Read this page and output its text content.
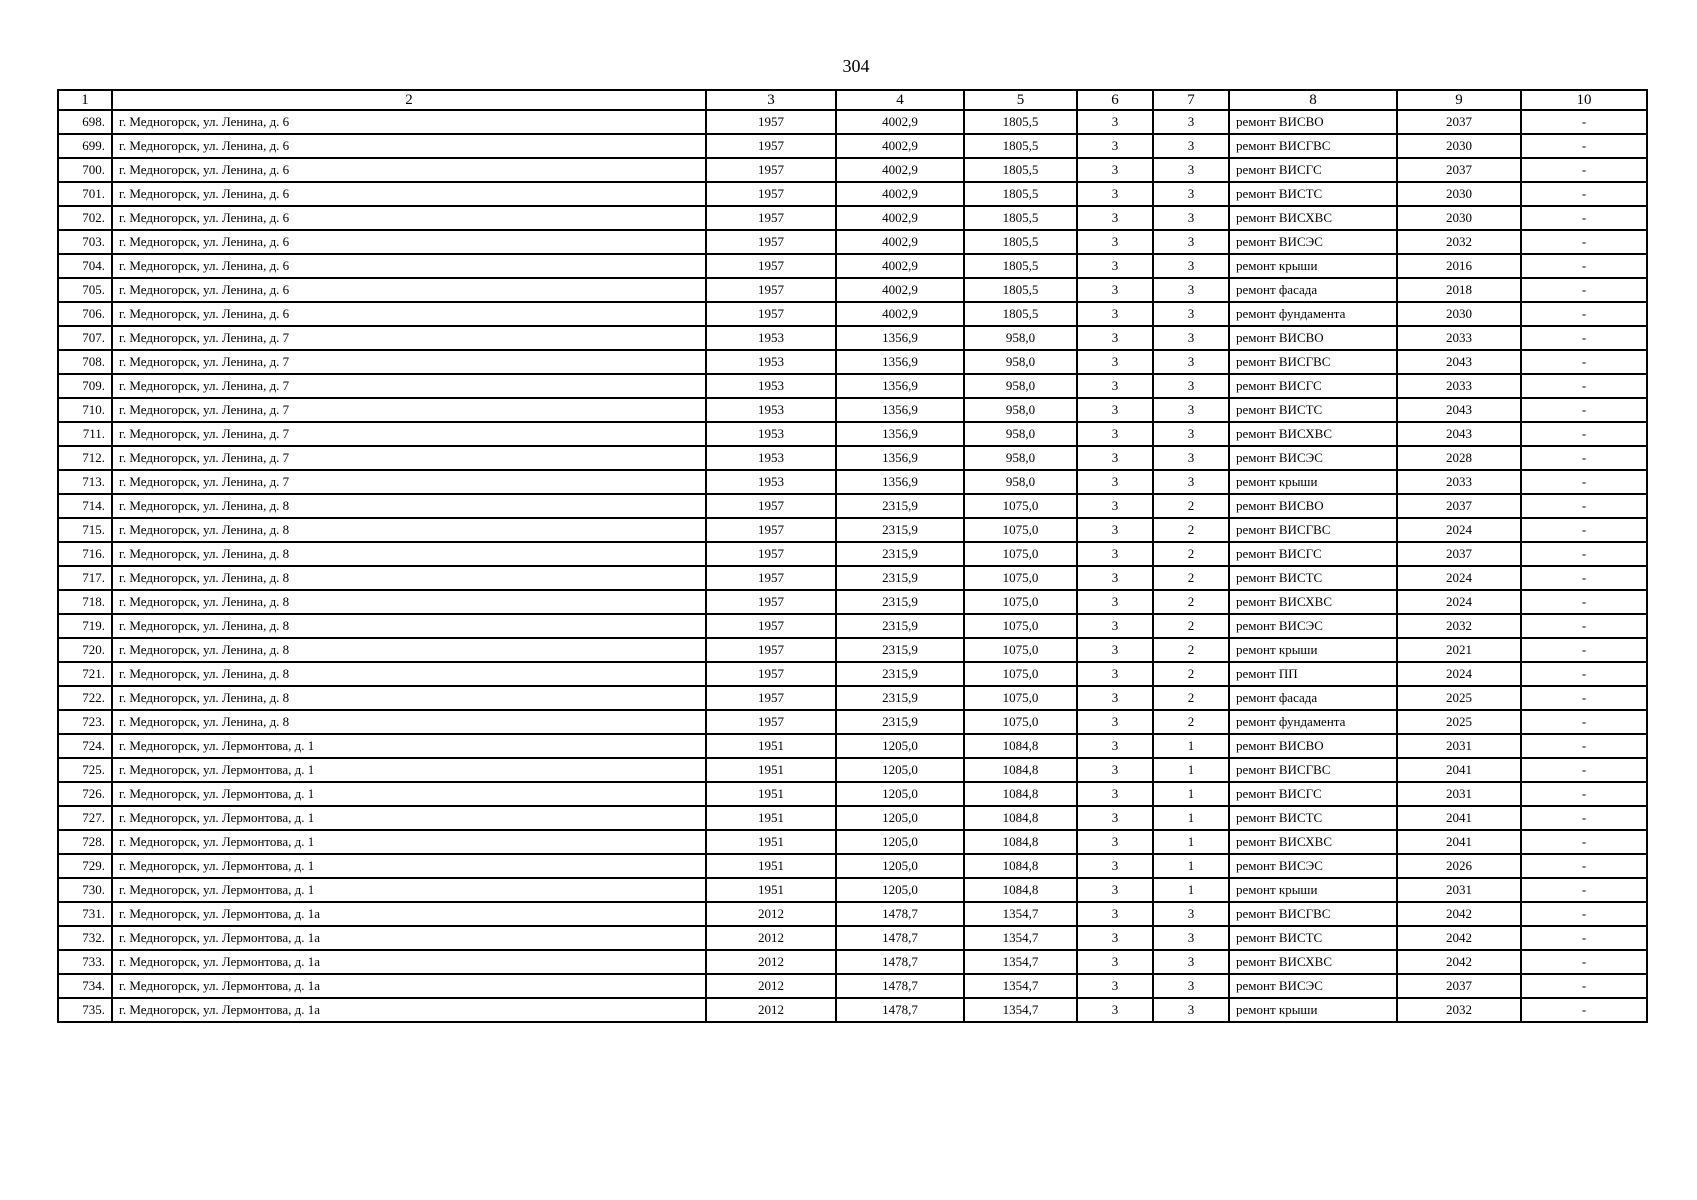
304
1	2	3	4	5	6	7	8	9	10
698.	г. Медногорск, ул. Ленина, д. 6	1957	4002,9	1805,5	3	3	ремонт ВИСВО	2037	-
699.	г. Медногорск, ул. Ленина, д. 6	1957	4002,9	1805,5	3	3	ремонт ВИСГВС	2030	-
700.	г. Медногорск, ул. Ленина, д. 6	1957	4002,9	1805,5	3	3	ремонт ВИСГС	2037	-
701.	г. Медногорск, ул. Ленина, д. 6	1957	4002,9	1805,5	3	3	ремонт ВИСТС	2030	-
702.	г. Медногорск, ул. Ленина, д. 6	1957	4002,9	1805,5	3	3	ремонт ВИСХВС	2030	-
703.	г. Медногорск, ул. Ленина, д. 6	1957	4002,9	1805,5	3	3	ремонт ВИСЭС	2032	-
704.	г. Медногорск, ул. Ленина, д. 6	1957	4002,9	1805,5	3	3	ремонт крыши	2016	-
705.	г. Медногорск, ул. Ленина, д. 6	1957	4002,9	1805,5	3	3	ремонт фасада	2018	-
706.	г. Медногорск, ул. Ленина, д. 6	1957	4002,9	1805,5	3	3	ремонт фундамента	2030	-
707.	г. Медногорск, ул. Ленина, д. 7	1953	1356,9	958,0	3	3	ремонт ВИСВО	2033	-
708.	г. Медногорск, ул. Ленина, д. 7	1953	1356,9	958,0	3	3	ремонт ВИСГВС	2043	-
709.	г. Медногорск, ул. Ленина, д. 7	1953	1356,9	958,0	3	3	ремонт ВИСГС	2033	-
710.	г. Медногорск, ул. Ленина, д. 7	1953	1356,9	958,0	3	3	ремонт ВИСТС	2043	-
711.	г. Медногорск, ул. Ленина, д. 7	1953	1356,9	958,0	3	3	ремонт ВИСХВС	2043	-
712.	г. Медногорск, ул. Ленина, д. 7	1953	1356,9	958,0	3	3	ремонт ВИСЭС	2028	-
713.	г. Медногорск, ул. Ленина, д. 7	1953	1356,9	958,0	3	3	ремонт крыши	2033	-
714.	г. Медногорск, ул. Ленина, д. 8	1957	2315,9	1075,0	3	2	ремонт ВИСВО	2037	-
715.	г. Медногорск, ул. Ленина, д. 8	1957	2315,9	1075,0	3	2	ремонт ВИСГВС	2024	-
716.	г. Медногорск, ул. Ленина, д. 8	1957	2315,9	1075,0	3	2	ремонт ВИСГС	2037	-
717.	г. Медногорск, ул. Ленина, д. 8	1957	2315,9	1075,0	3	2	ремонт ВИСТС	2024	-
718.	г. Медногорск, ул. Ленина, д. 8	1957	2315,9	1075,0	3	2	ремонт ВИСХВС	2024	-
719.	г. Медногорск, ул. Ленина, д. 8	1957	2315,9	1075,0	3	2	ремонт ВИСЭС	2032	-
720.	г. Медногорск, ул. Ленина, д. 8	1957	2315,9	1075,0	3	2	ремонт крыши	2021	-
721.	г. Медногорск, ул. Ленина, д. 8	1957	2315,9	1075,0	3	2	ремонт ПП	2024	-
722.	г. Медногорск, ул. Ленина, д. 8	1957	2315,9	1075,0	3	2	ремонт фасада	2025	-
723.	г. Медногорск, ул. Ленина, д. 8	1957	2315,9	1075,0	3	2	ремонт фундамента	2025	-
724.	г. Медногорск, ул. Лермонтова, д. 1	1951	1205,0	1084,8	3	1	ремонт ВИСВО	2031	-
725.	г. Медногорск, ул. Лермонтова, д. 1	1951	1205,0	1084,8	3	1	ремонт ВИСГВС	2041	-
726.	г. Медногорск, ул. Лермонтова, д. 1	1951	1205,0	1084,8	3	1	ремонт ВИСГС	2031	-
727.	г. Медногорск, ул. Лермонтова, д. 1	1951	1205,0	1084,8	3	1	ремонт ВИСТС	2041	-
728.	г. Медногорск, ул. Лермонтова, д. 1	1951	1205,0	1084,8	3	1	ремонт ВИСХВС	2041	-
729.	г. Медногорск, ул. Лермонтова, д. 1	1951	1205,0	1084,8	3	1	ремонт ВИСЭС	2026	-
730.	г. Медногорск, ул. Лермонтова, д. 1	1951	1205,0	1084,8	3	1	ремонт крыши	2031	-
731.	г. Медногорск, ул. Лермонтова, д. 1а	2012	1478,7	1354,7	3	3	ремонт ВИСГВС	2042	-
732.	г. Медногорск, ул. Лермонтова, д. 1а	2012	1478,7	1354,7	3	3	ремонт ВИСТС	2042	-
733.	г. Медногорск, ул. Лермонтова, д. 1а	2012	1478,7	1354,7	3	3	ремонт ВИСХВС	2042	-
734.	г. Медногорск, ул. Лермонтова, д. 1а	2012	1478,7	1354,7	3	3	ремонт ВИСЭС	2037	-
735.	г. Медногорск, ул. Лермонтова, д. 1а	2012	1478,7	1354,7	3	3	ремонт крыши	2032	-
